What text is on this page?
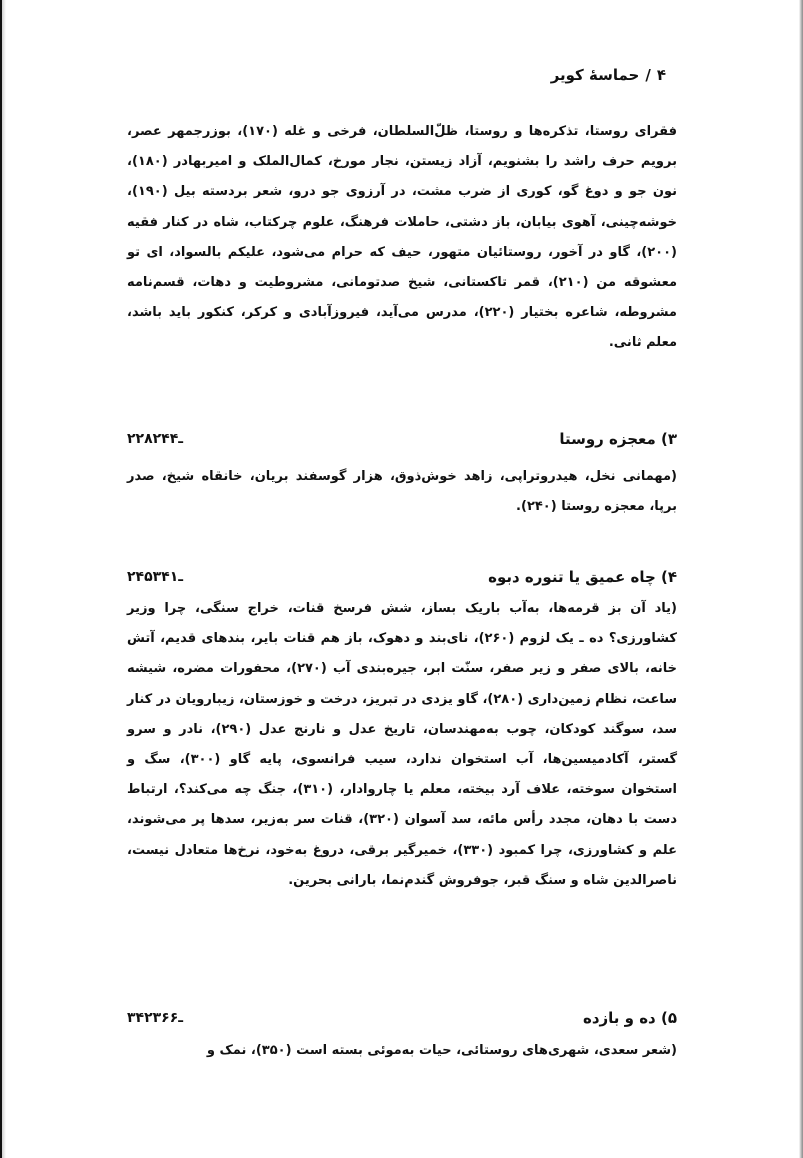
۴/حماسهٔ کویر

فقرای روستا، تذکره‌ها و روستا، ظلّ‌السلطان، فرخی و غله (۱۷۰)، بوزرجمهر عصر، برویم حرف راشد را بشنویم، آزاد زیستن، نجار مورخ، کمال‌الملک و امیربهادر (۱۸۰)، نون جو و دوغ گو، کوری از ضرب مشت، در آرزوی جو درو، شعر بردسته بیل (۱۹۰)، خوشه‌چینی، آهوی بیابان، باز دشتی، حاملات فرهنگ، علوم چرکتاب، شاه در کنار فقیه (۲۰۰)، گاو در آخور، روستائیان متهور، حیف که حرام می‌شود، علیکم بالسواد، ای تو معشوقه من (۲۱۰)، قمر تاکستانی، شیخ صدتومانی، مشروطیت و دهات، قسم‌نامه مشروطه، شاعره بختیار (۲۲۰)، مدرس می‌آید، فیروزآبادی و کرکر، کنکور باید باشد، معلم ثانی.

۳) معجزه روستا
۲۲۸ـ۲۴۴

(مهمانی نخل، هیدروتراپی، زاهد خوش‌ذوق، هزار گوسفند بریان، خانقاه شیخ، صدر برپا، معجزه روستا (۲۴۰).

۴) چاه عمیق یا تنوره دبوه
۲۴۵ـ۳۴۱

(یاد آن بز قرمه‌ها، به‌آب باریک بساز، شش فرسخ قنات، خراج سنگی، چرا وزیر کشاورزی؟ ده ـ یک لزوم (۲۶۰)، نای‌بند و دهوک، باز هم قنات بایر، بندهای قدیم، آتش خانه، بالای صفر و زیر صفر، سنّت ابر، جیره‌بندی آب (۲۷۰)، محفورات مضره، شیشه ساعت، نظام زمین‌داری (۲۸۰)، گاو یزدی در تبریز، درخت و خوزستان، زیبارویان در کنار سد، سوگند کودکان، چوب به‌مهندسان، تاریخ عدل و نارنج عدل (۲۹۰)، نادر و سرو گستر، آکادمیسین‌ها، آب استخوان ندارد، سیب فرانسوی، پایه گاو (۳۰۰)، سگ و استخوان سوخته، علاف آرد بیخته، معلم یا چاروادار، (۳۱۰)، جنگ چه می‌کند؟، ارتباط دست با دهان، مجدد رأس مائه، سد آسوان (۳۲۰)، قنات سر به‌زیر، سدها پر می‌شوند، علم و کشاورزی، چرا کمبود (۳۳۰)، خمیرگیر برقی، دروغ به‌خود، نرخ‌ها متعادل نیست، ناصرالدین شاه و سنگ قبر، جوفروش گندم‌نما، بارانی بحرین.

۵) ده و بازده
۳۴۲ـ۳۶۶

(شعر سعدی، شهری‌های روستائی، حیات به‌موئی بسته است (۳۵۰)، نمک و
